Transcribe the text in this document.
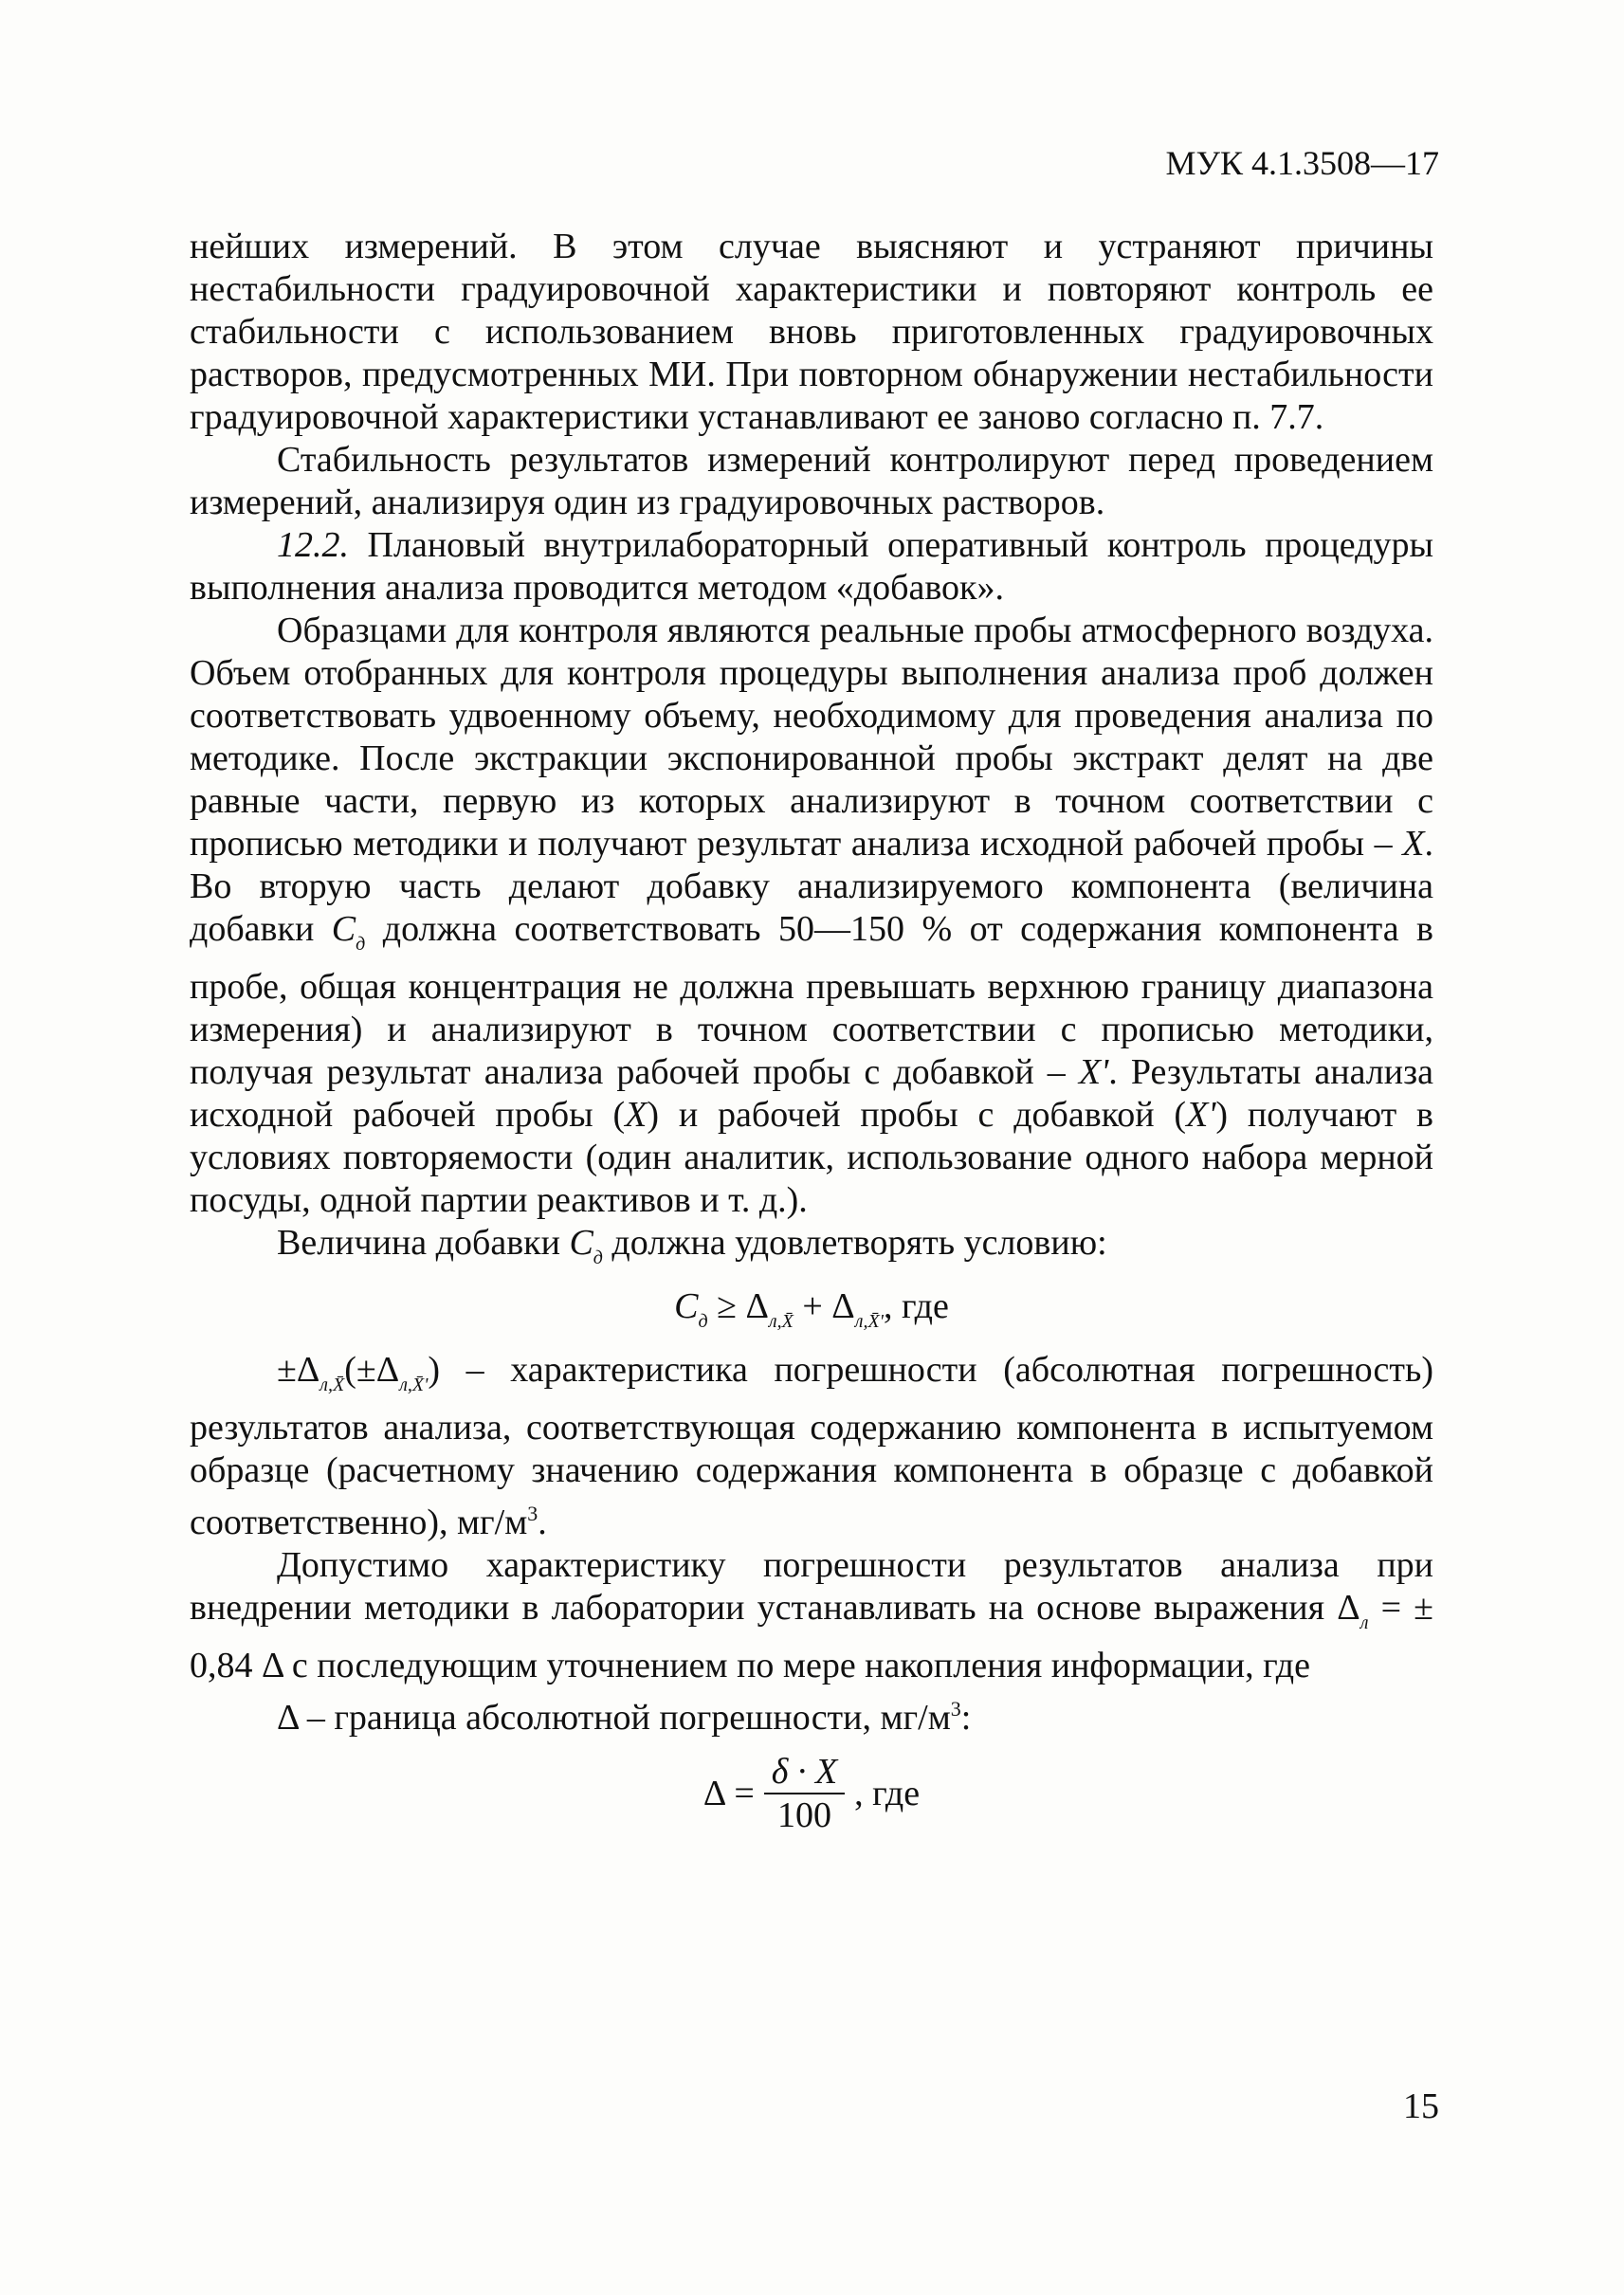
МУК 4.1.3508—17

нейших измерений. В этом случае выясняют и устраняют причины нестабильности градуировочной характеристики и повторяют контроль ее стабильности с использованием вновь приготовленных градуировочных растворов, предусмотренных МИ. При повторном обнаружении нестабильности градуировочной характеристики устанавливают ее заново согласно п. 7.7.

Стабильность результатов измерений контролируют перед проведением измерений, анализируя один из градуировочных растворов.

12.2. Плановый внутрилабораторный оперативный контроль процедуры выполнения анализа проводится методом «добавок».

Образцами для контроля являются реальные пробы атмосферного воздуха. Объем отобранных для контроля процедуры выполнения анализа проб должен соответствовать удвоенному объему, необходимому для проведения анализа по методике. После экстракции экспонированной пробы экстракт делят на две равные части, первую из которых анализируют в точном соответствии с прописью методики и получают результат анализа исходной рабочей пробы – X. Во вторую часть делают добавку анализируемого компонента (величина добавки $C_д$ должна соответствовать 50—150 % от содержания компонента в пробе, общая концентрация не должна превышать верхнюю границу диапазона измерения) и анализируют в точном соответствии с прописью методики, получая результат анализа рабочей пробы с добавкой – X'. Результаты анализа исходной рабочей пробы (X) и рабочей пробы с добавкой (X') получают в условиях повторяемости (один аналитик, использование одного набора мерной посуды, одной партии реактивов и т. д.).

Величина добавки $C_д$ должна удовлетворять условию:

$C_д \ge \Delta_{л,X̄} + \Delta_{л,X̄'}$, где

$\pm\Delta_{л,X̄}(\pm\Delta_{л,X̄'})$ – характеристика погрешности (абсолютная погрешность) результатов анализа, соответствующая содержанию компонента в испытуемом образце (расчетному значению содержания компонента в образце с добавкой соответственно), $мг/м^3$.

Допустимо характеристику погрешности результатов анализа при внедрении методики в лаборатории устанавливать на основе выражения $\Delta_л$ = ± 0,84 Δ с последующим уточнением по мере накопления информации, где

Δ – граница абсолютной погрешности, $мг/м^3$:

$\Delta = \frac{\delta \cdot X}{100}$ , где
15
